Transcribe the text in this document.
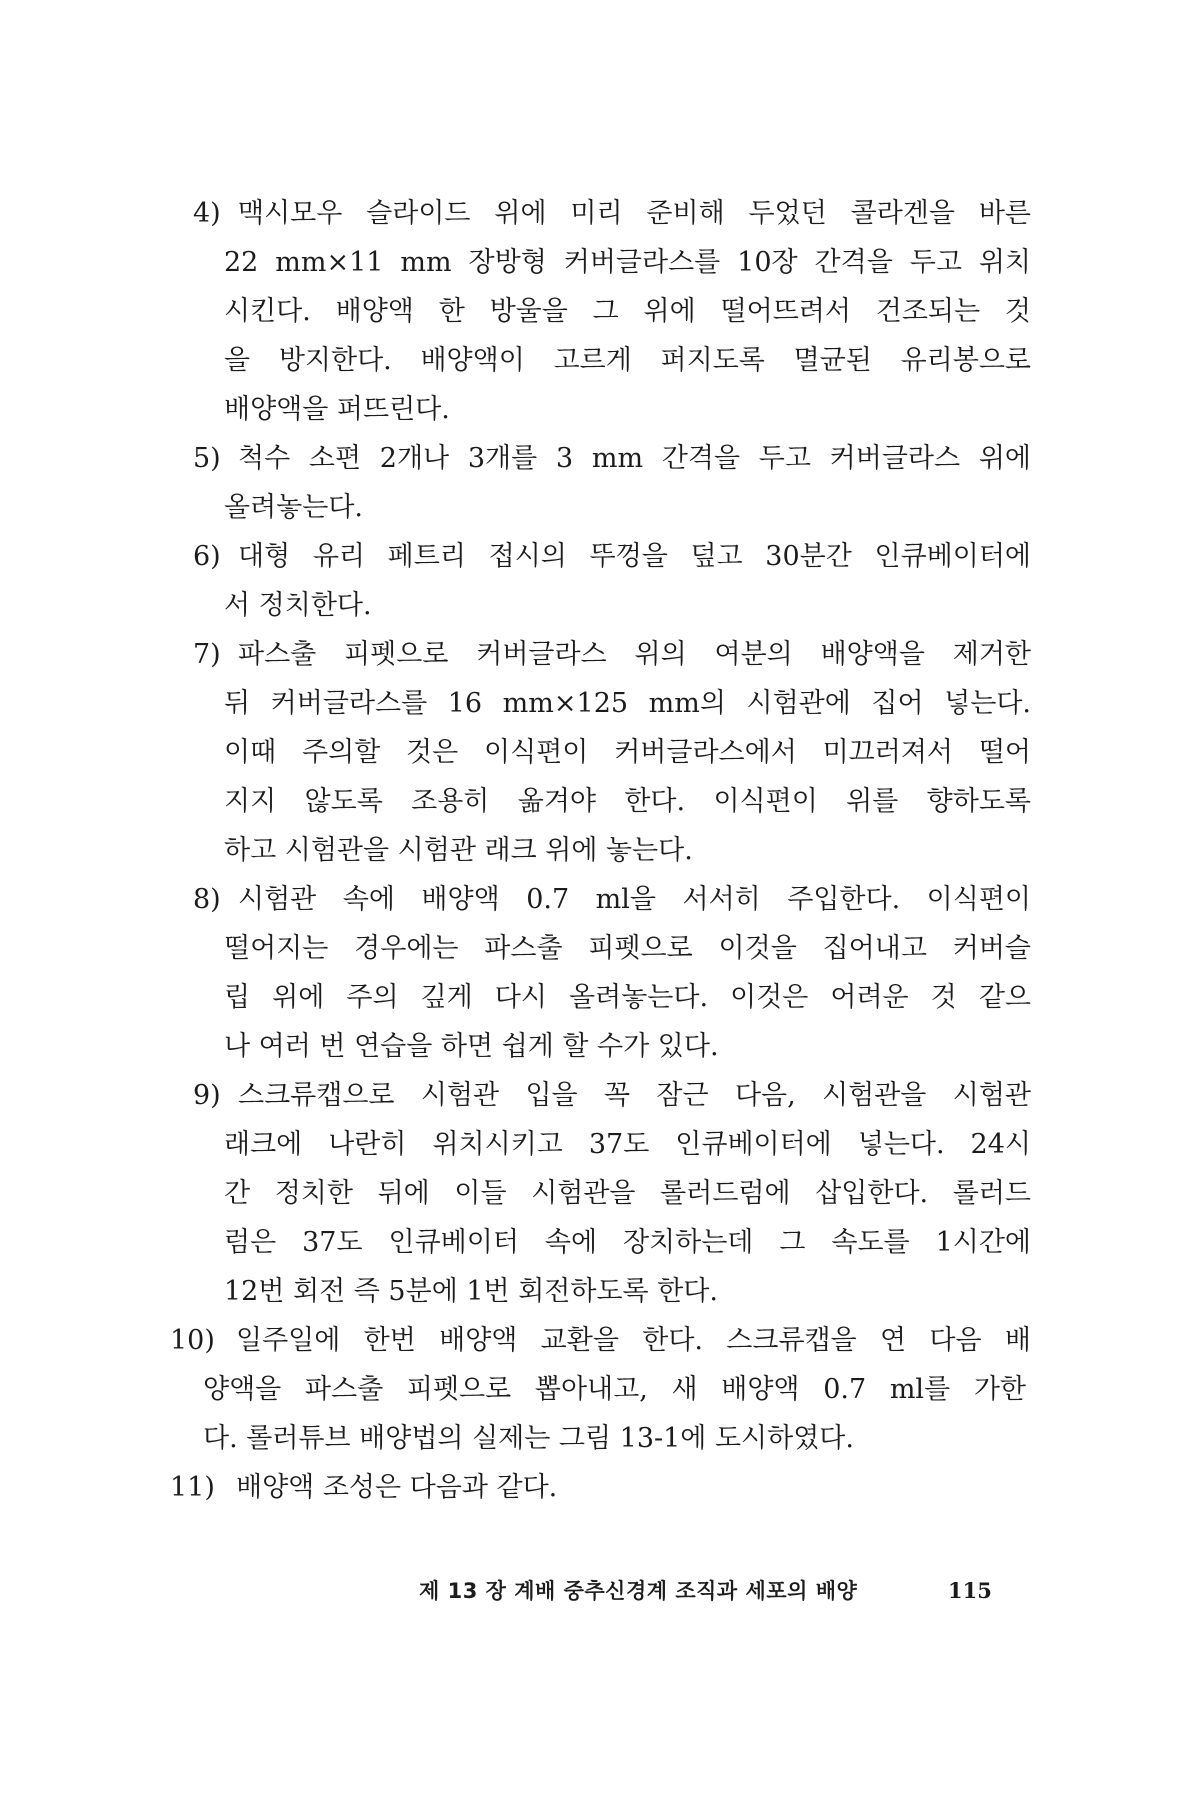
4) 맥시모우 슬라이드 위에 미리 준비해 두었던 콜라겐을 바른
22 mm×11 mm 장방형 커버글라스를 10장 간격을 두고 위치
시킨다. 배양액 한 방울을 그 위에 떨어뜨려서 건조되는 것
을 방지한다. 배양액이 고르게 퍼지도록 멸균된 유리봉으로
배양액을 퍼뜨린다.
5) 척수 소편 2개나 3개를 3 mm 간격을 두고 커버글라스 위에
올려놓는다.
6) 대형 유리 페트리 접시의 뚜껑을 덮고 30분간 인큐베이터에
서 정치한다.
7) 파스출 피펫으로 커버글라스 위의 여분의 배양액을 제거한
뒤 커버글라스를 16 mm×125 mm의 시험관에 집어 넣는다.
이때 주의할 것은 이식편이 커버글라스에서 미끄러져서 떨어
지지 않도록 조용히 옮겨야 한다. 이식편이 위를 향하도록
하고 시험관을 시험관 래크 위에 놓는다.
8) 시험관 속에 배양액 0.7 ml을 서서히 주입한다. 이식편이
떨어지는 경우에는 파스출 피펫으로 이것을 집어내고 커버슬
립 위에 주의 깊게 다시 올려놓는다. 이것은 어려운 것 같으
나 여러 번 연습을 하면 쉽게 할 수가 있다.
9) 스크류캡으로 시험관 입을 꼭 잠근 다음, 시험관을 시험관
래크에 나란히 위치시키고 37도 인큐베이터에 넣는다. 24시
간 정치한 뒤에 이들 시험관을 롤러드럼에 삽입한다. 롤러드
럼은 37도 인큐베이터 속에 장치하는데 그 속도를 1시간에
12번 회전 즉 5분에 1번 회전하도록 한다.
10) 일주일에 한번 배양액 교환을 한다. 스크류캡을 연 다음 배
양액을 파스출 피펫으로 뽑아내고, 새 배양액 0.7 ml를 가한
다. 롤러튜브 배양법의 실제는 그림 13-1에 도시하였다.
11) 배양액 조성은 다음과 같다.
제 13 장 계배 중추신경계 조직과 세포의 배양	115
